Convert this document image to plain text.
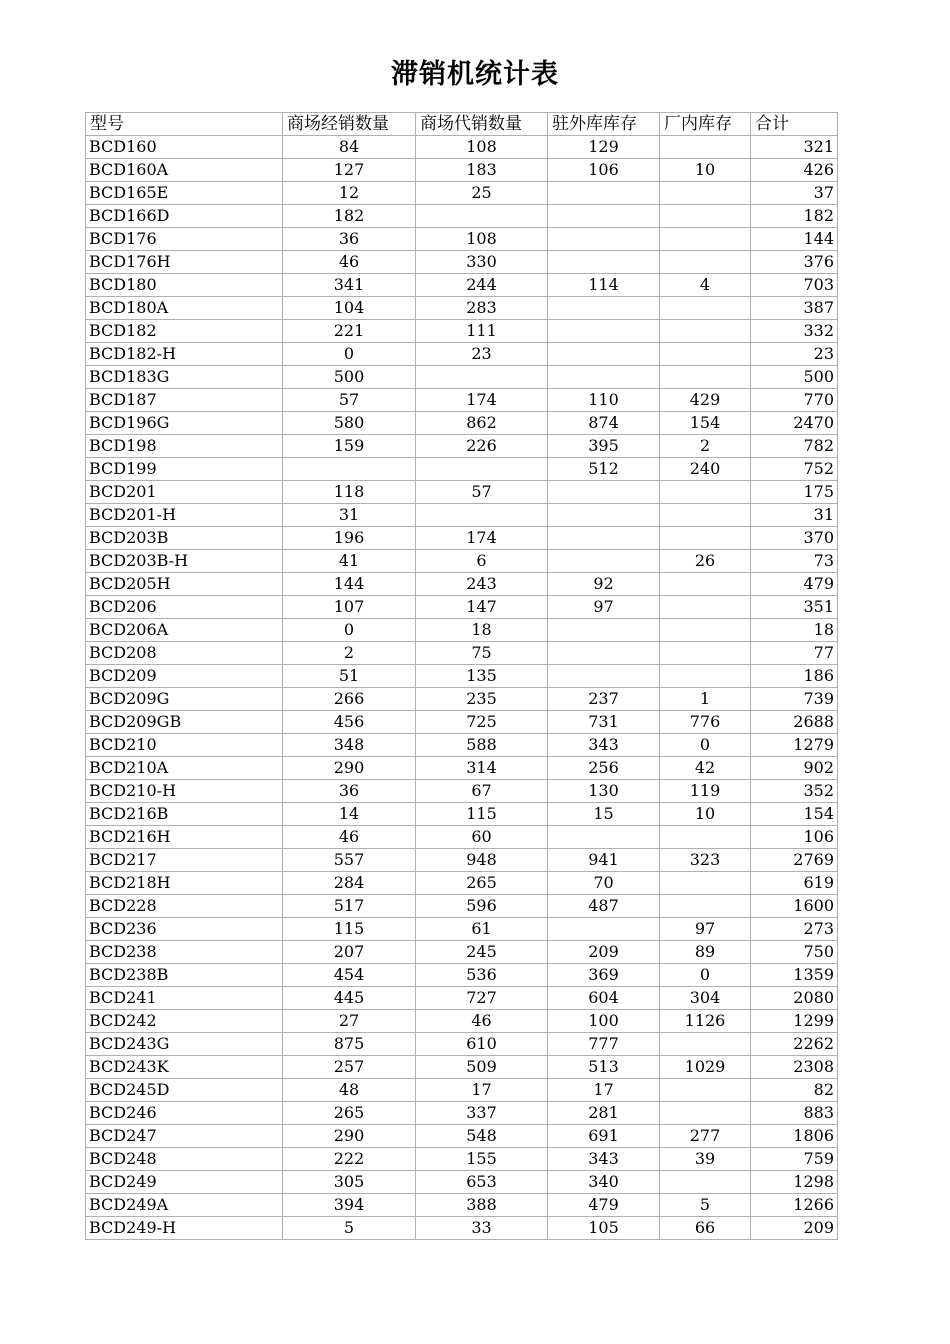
滞销机统计表
型号	商场经销数量	商场代销数量	驻外库库存	厂内库存	合计
BCD160	84	108	129		321
BCD160A	127	183	106	10	426
BCD165E	12	25			37
BCD166D	182				182
BCD176	36	108			144
BCD176H	46	330			376
BCD180	341	244	114	4	703
BCD180A	104	283			387
BCD182	221	111			332
BCD182-H	0	23			23
BCD183G	500				500
BCD187	57	174	110	429	770
BCD196G	580	862	874	154	2470
BCD198	159	226	395	2	782
BCD199			512	240	752
BCD201	118	57			175
BCD201-H	31				31
BCD203B	196	174			370
BCD203B-H	41	6		26	73
BCD205H	144	243	92		479
BCD206	107	147	97		351
BCD206A	0	18			18
BCD208	2	75			77
BCD209	51	135			186
BCD209G	266	235	237	1	739
BCD209GB	456	725	731	776	2688
BCD210	348	588	343	0	1279
BCD210A	290	314	256	42	902
BCD210-H	36	67	130	119	352
BCD216B	14	115	15	10	154
BCD216H	46	60			106
BCD217	557	948	941	323	2769
BCD218H	284	265	70		619
BCD228	517	596	487		1600
BCD236	115	61		97	273
BCD238	207	245	209	89	750
BCD238B	454	536	369	0	1359
BCD241	445	727	604	304	2080
BCD242	27	46	100	1126	1299
BCD243G	875	610	777		2262
BCD243K	257	509	513	1029	2308
BCD245D	48	17	17		82
BCD246	265	337	281		883
BCD247	290	548	691	277	1806
BCD248	222	155	343	39	759
BCD249	305	653	340		1298
BCD249A	394	388	479	5	1266
BCD249-H	5	33	105	66	209
